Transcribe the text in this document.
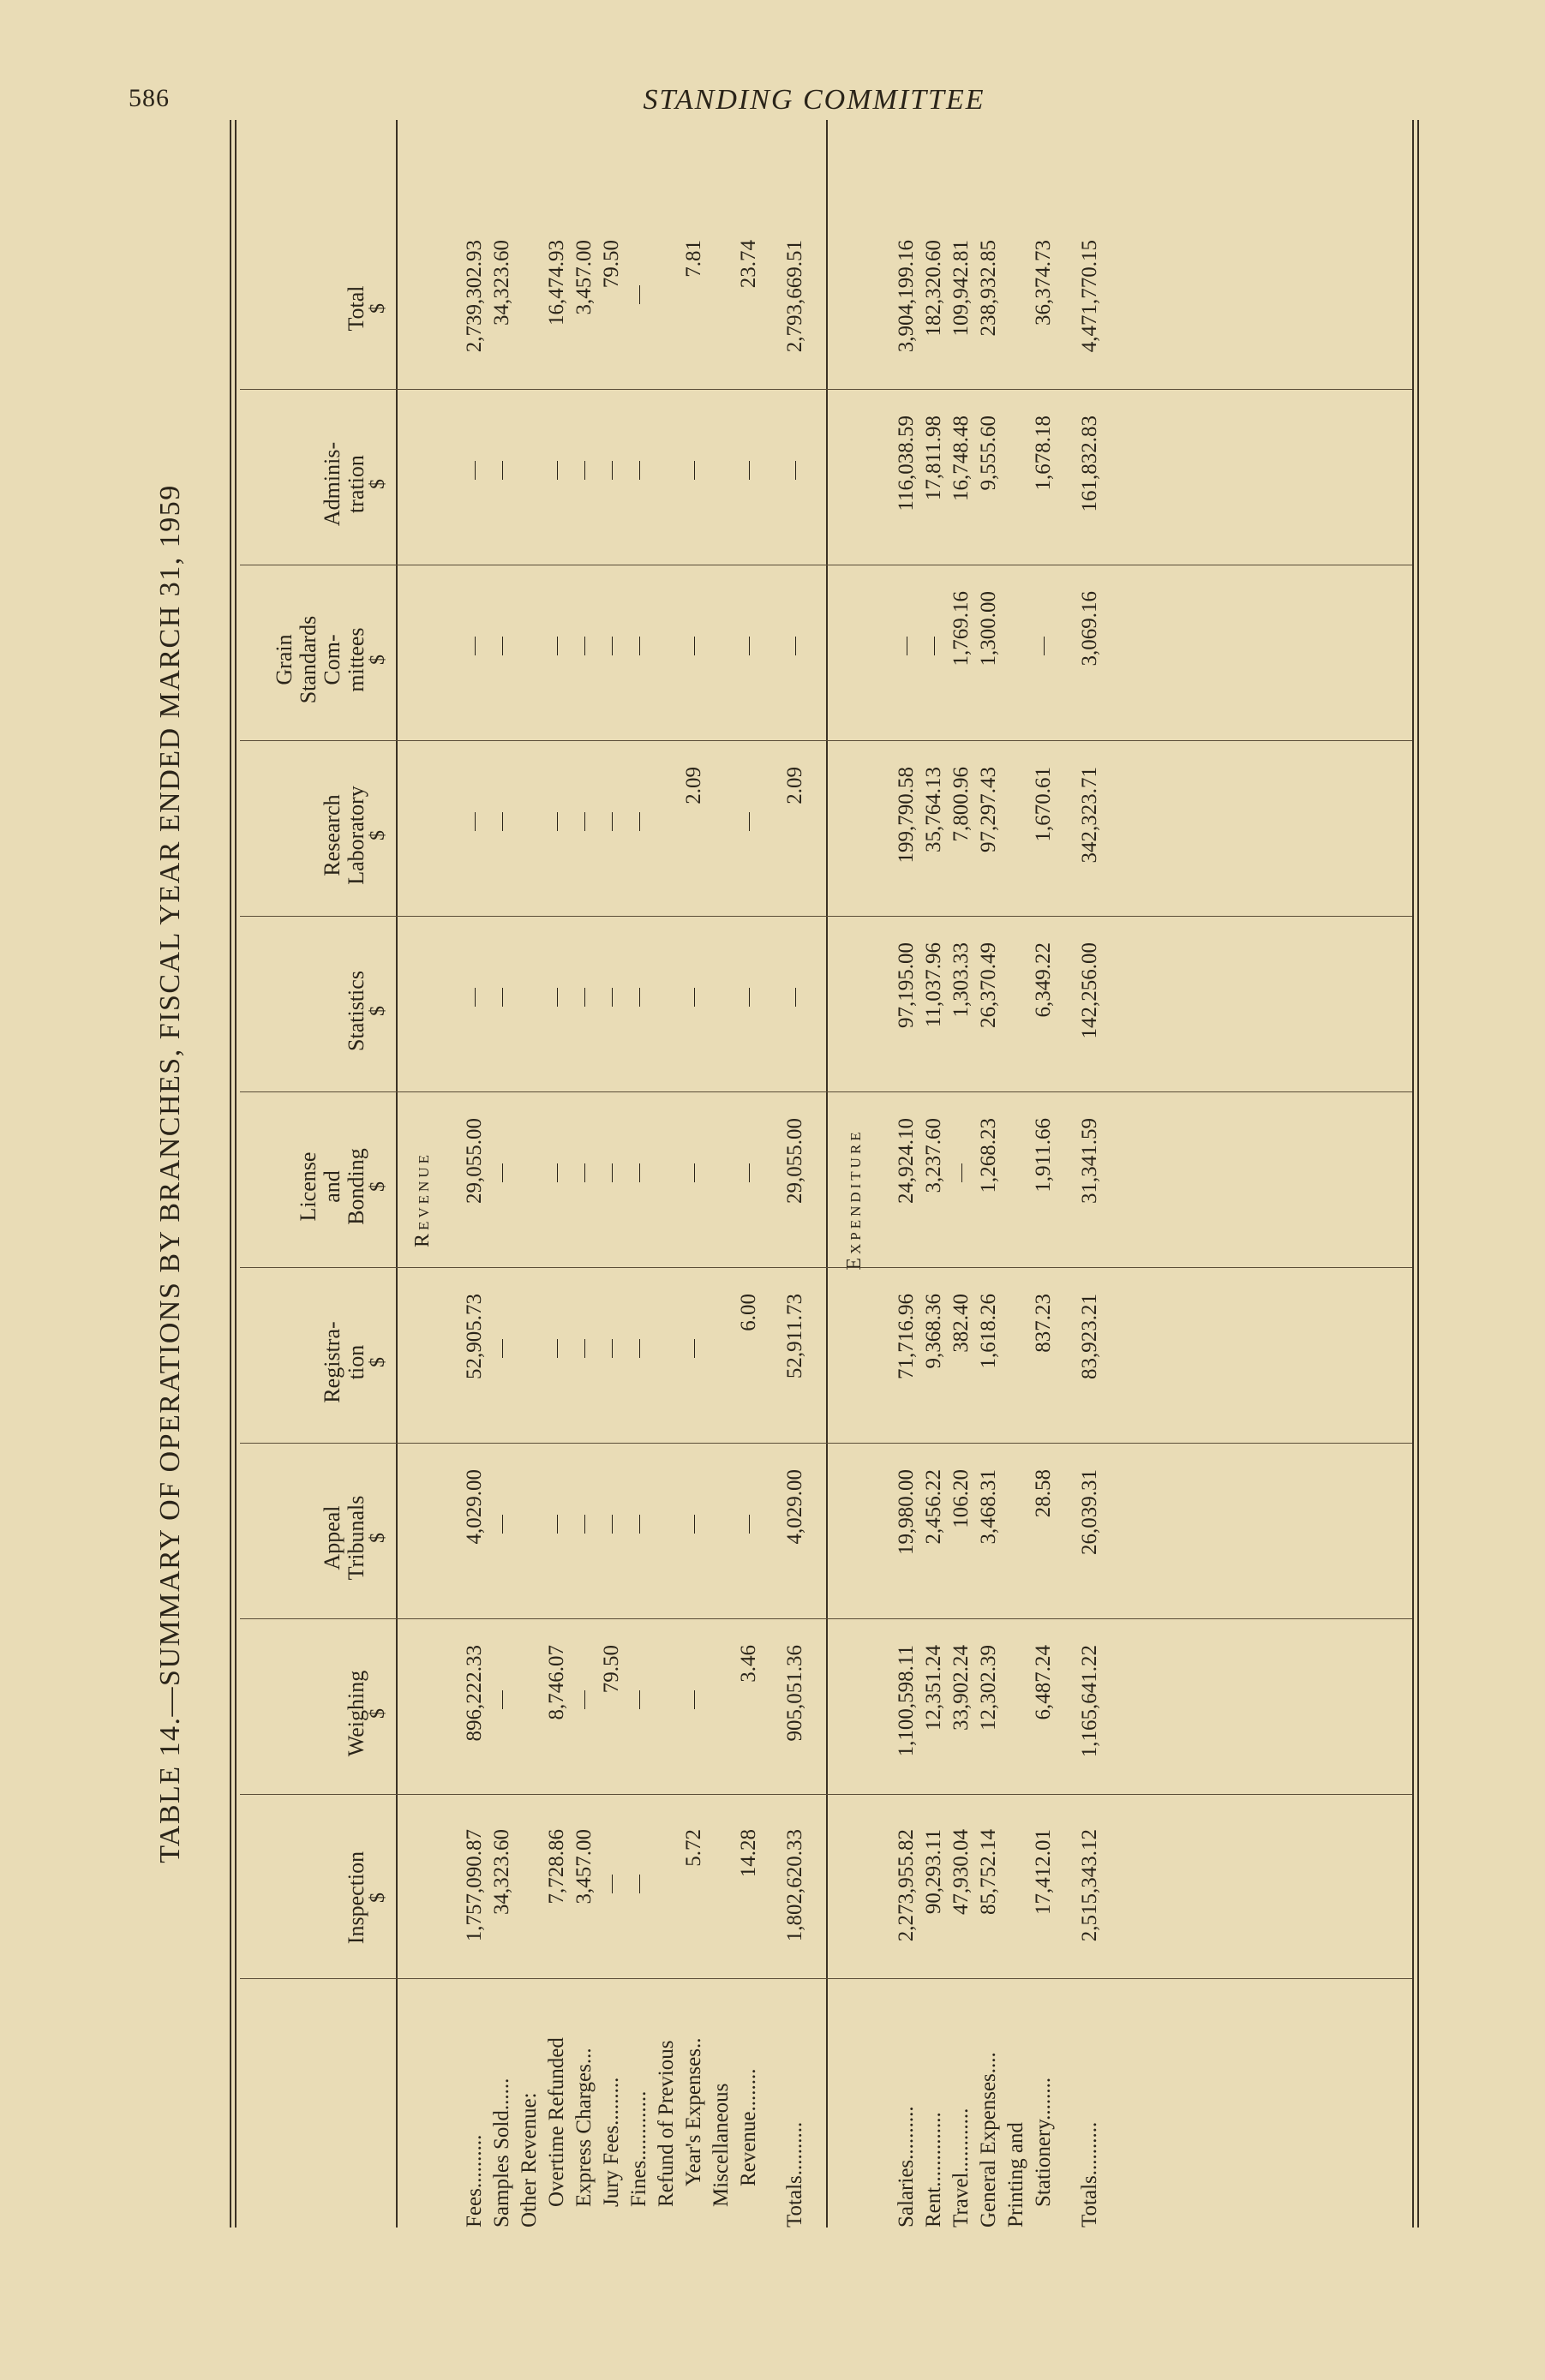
586	STANDING COMMITTEE
TABLE 14.—SUMMARY OF OPERATIONS BY BRANCHES, FISCAL YEAR ENDED MARCH 31, 1959
Inspection
$
Weighing
$
Appeal
Tribunals
$
Registra-
tion
$
License
and
Bonding
$
Statistics
$
Research
Laboratory
$
Grain
Standards
Com-
mittees
$
Adminis-
tration
$
Total
$
Revenue
Fees..........
1,757,090.87
896,222.33
4,029.00
52,905.73
29,055.00
2,739,302.93
Samples Sold......
34,323.60
34,323.60
Other Revenue: Overtime Refunded
7,728.86
8,746.07
16,474.93
Express Charges...
3,457.00
3,457.00
Jury Fees.........
79.50
79.50
Fines............. Refund of Previous Year's Expenses..
5.72
2.09
7.81
Miscellaneous Revenue........
14.28
3.46
6.00
23.74
Totals..........
1,802,620.33
905,051.36
4,029.00
52,911.73
29,055.00
2.09
2,793,669.51
Expenditure
Salaries..........
2,273,955.82
1,100,598.11
19,980.00
71,716.96
24,924.10
97,195.00
199,790.58
116,038.59
3,904,199.16
Rent..............
90,293.11
12,351.24
2,456.22
9,368.36
3,237.60
11,037.96
35,764.13
17,811.98
182,320.60
Travel............
47,930.04
33,902.24
106.20
382.40
1,303.33
7,800.96
1,769.16
16,748.48
109,942.81
General Expenses....
85,752.14
12,302.39
3,468.31
1,618.26
1,268.23
26,370.49
97,297.43
1,300.00
9,555.60
238,932.85
Printing and Stationery........
17,412.01
6,487.24
28.58
837.23
1,911.66
6,349.22
1,670.61
1,678.18
36,374.73
Totals..........
2,515,343.12
1,165,641.22
26,039.31
83,923.21
31,341.59
142,256.00
342,323.71
3,069.16
161,832.83
4,471,770.15
